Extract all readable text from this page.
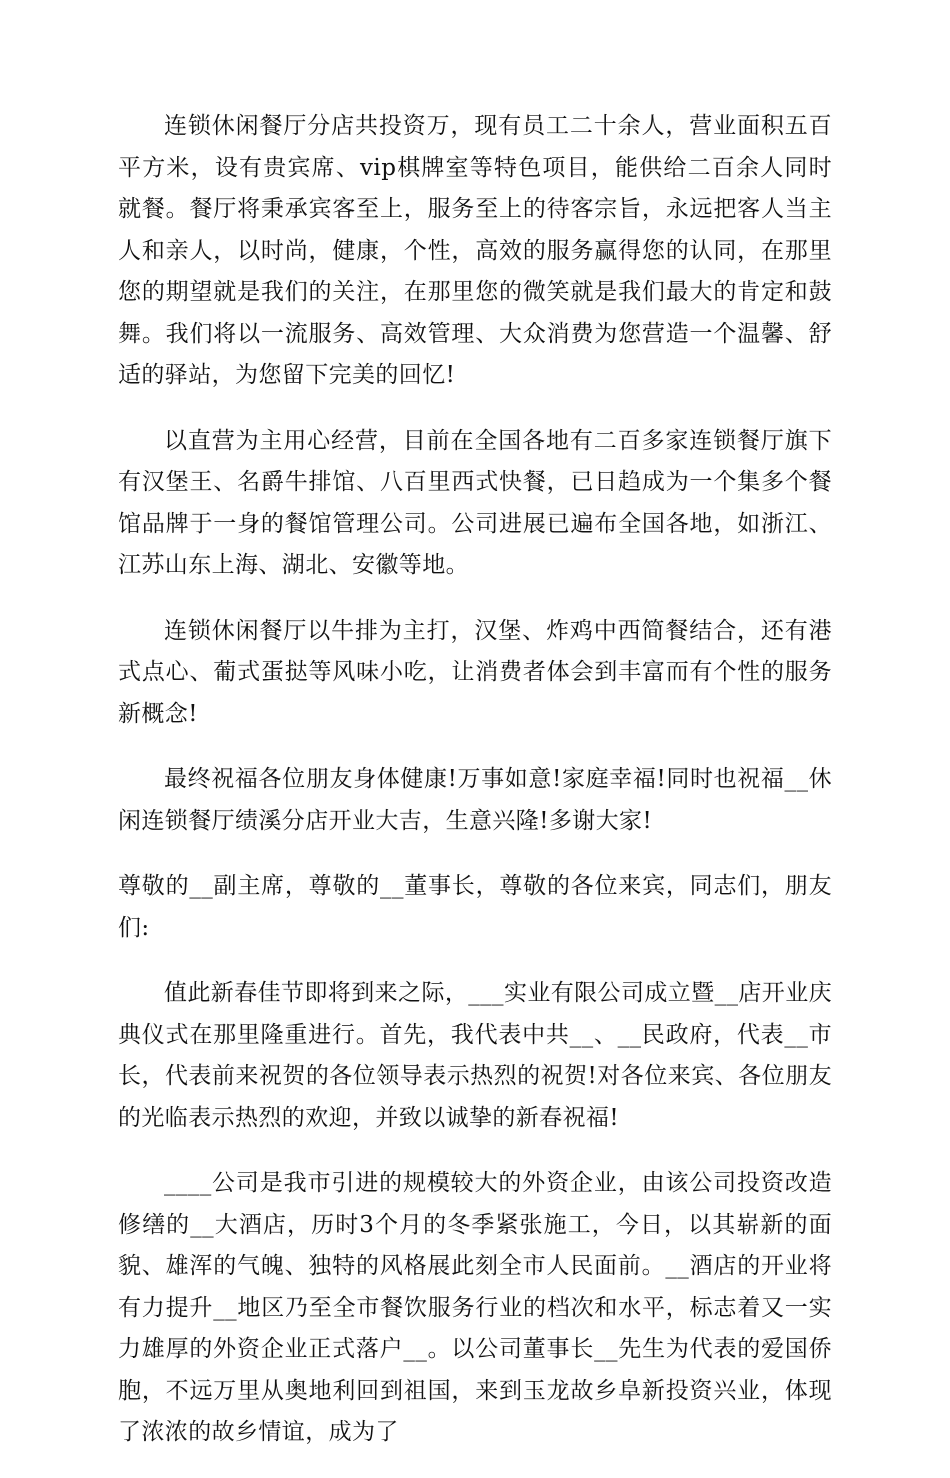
连锁休闲餐厅分店共投资万，现有员工二十余人，营业面积五百平方米，设有贵宾席、vip棋牌室等特色项目，能供给二百余人同时就餐。餐厅将秉承宾客至上，服务至上的待客宗旨，永远把客人当主人和亲人，以时尚，健康，个性，高效的服务赢得您的认同，在那里您的期望就是我们的关注，在那里您的微笑就是我们最大的肯定和鼓舞。我们将以一流服务、高效管理、大众消费为您营造一个温馨、舒适的驿站，为您留下完美的回忆!

以直营为主用心经营，目前在全国各地有二百多家连锁餐厅旗下有汉堡王、名爵牛排馆、八百里西式快餐，已日趋成为一个集多个餐馆品牌于一身的餐馆管理公司。公司进展已遍布全国各地，如浙江、江苏山东上海、湖北、安徽等地。

连锁休闲餐厅以牛排为主打，汉堡、炸鸡中西简餐结合，还有港式点心、葡式蛋挞等风味小吃，让消费者体会到丰富而有个性的服务新概念!

最终祝福各位朋友身体健康!万事如意!家庭幸福!同时也祝福__休闲连锁餐厅绩溪分店开业大吉，生意兴隆!多谢大家!

尊敬的__副主席，尊敬的__董事长，尊敬的各位来宾，同志们，朋友们:

值此新春佳节即将到来之际，___实业有限公司成立暨__店开业庆典仪式在那里隆重进行。首先，我代表中共__、__民政府，代表__市长，代表前来祝贺的各位领导表示热烈的祝贺!对各位来宾、各位朋友的光临表示热烈的欢迎，并致以诚挚的新春祝福!

____公司是我市引进的规模较大的外资企业，由该公司投资改造修缮的__大酒店，历时3个月的冬季紧张施工，今日，以其崭新的面貌、雄浑的气魄、独特的风格展此刻全市人民面前。__酒店的开业将有力提升__地区乃至全市餐饮服务行业的档次和水平，标志着又一实力雄厚的外资企业正式落户__。以公司董事长__先生为代表的爱国侨胞，不远万里从奥地利回到祖国，来到玉龙故乡阜新投资兴业，体现了浓浓的故乡情谊，成为了
